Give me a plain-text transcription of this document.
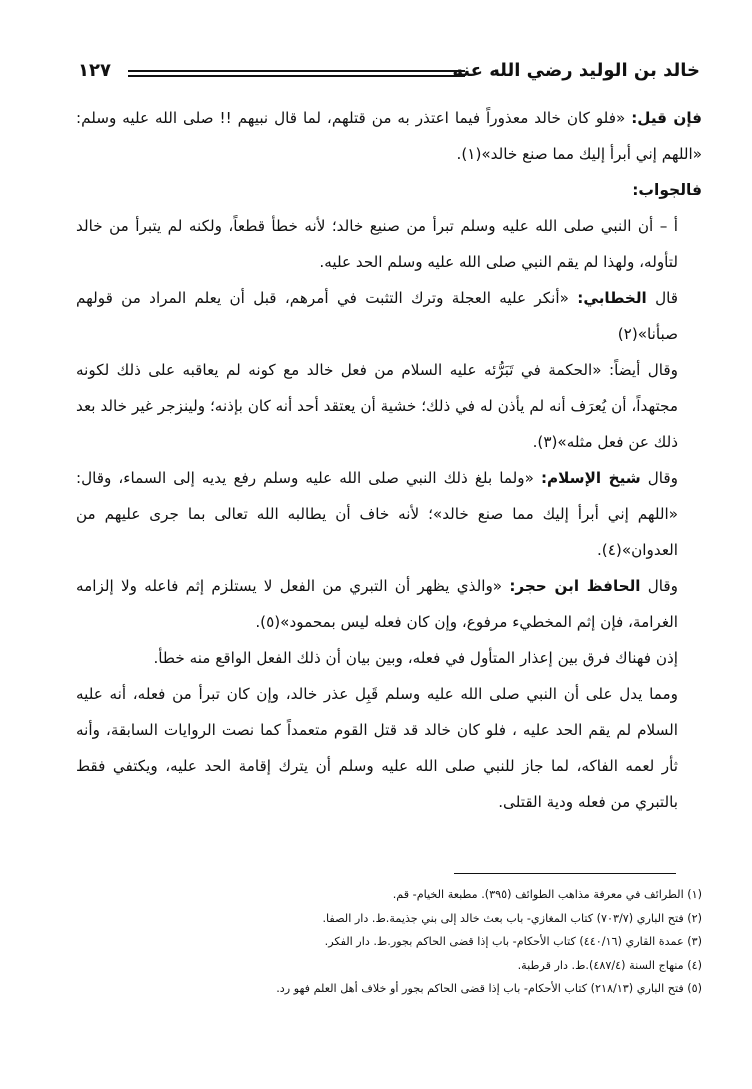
خالد بن الوليد رضي الله عنه
١٢٧

فإن قيل: «فلو كان خالد معذوراً فيما اعتذر به من قتلهم، لما قال نبيهم !! صلى الله عليه وسلم: «اللهم إني أبرأ إليك مما صنع خالد»(١).

فالجواب:

أ – أن النبي صلى الله عليه وسلم تبرأ من صنيع خالد؛ لأنه خطأ قطعاً، ولكنه لم يتبرأ من خالد لتأوله، ولهذا لم يقم النبي صلى الله عليه وسلم الحد عليه.

قال الخطابي: «أنكر عليه العجلة وترك التثبت في أمرهم، قبل أن يعلم المراد من قولهم صبأنا»(٢)

وقال أيضاً: «الحكمة في تَبَرُّئه عليه السلام من فعل خالد مع كونه لم يعاقبه على ذلك لكونه مجتهداً، أن يُعرَف أنه لم يأذن له في ذلك؛ خشية أن يعتقد أحد أنه كان بإذنه؛ ولينزجر غير خالد بعد ذلك عن فعل مثله»(٣).

وقال شيخ الإسلام: «ولما بلغ ذلك النبي صلى الله عليه وسلم رفع يديه إلى السماء، وقال: «اللهم إني أبرأ إليك مما صنع خالد»؛ لأنه خاف أن يطالبه الله تعالى بما جرى عليهم من العدوان»(٤).

وقال الحافظ ابن حجر: «والذي يظهر أن التبري من الفعل لا يستلزم إثم فاعله ولا إلزامه الغرامة، فإن إثم المخطيء مرفوع، وإن كان فعله ليس بمحمود»(٥).

إذن فهناك فرق بين إعذار المتأول في فعله، وبين بيان أن ذلك الفعل الواقع منه خطأ.

ومما يدل على أن النبي صلى الله عليه وسلم قَبِل عذر خالد، وإن كان تبرأ من فعله، أنه عليه السلام لم يقم الحد عليه ، فلو كان خالد قد قتل القوم متعمداً كما نصت الروايات السابقة، وأنه ثأر لعمه الفاكه، لما جاز للنبي صلى الله عليه وسلم أن يترك إقامة الحد عليه، ويكتفي فقط بالتبري من فعله ودية القتلى.

(١) الطرائف في معرفة مذاهب الطوائف (٣٩٥). مطبعة الخيام- قم.
(٢) فتح الباري (٧٠٣/٧) كتاب المغازي- باب بعث خالد إلى بني جذيمة.ط. دار الصفا.
(٣) عمدة القاري (٤٤٠/١٦) كتاب الأحكام- باب إذا قضى الحاكم بجور.ط. دار الفكر.
(٤) منهاج السنة (٤٨٧/٤).ط. دار قرطبة.
(٥) فتح الباري (٢١٨/١٣) كتاب الأحكام- باب إذا قضى الحاكم بجور أو خلاف أهل العلم فهو رد.
